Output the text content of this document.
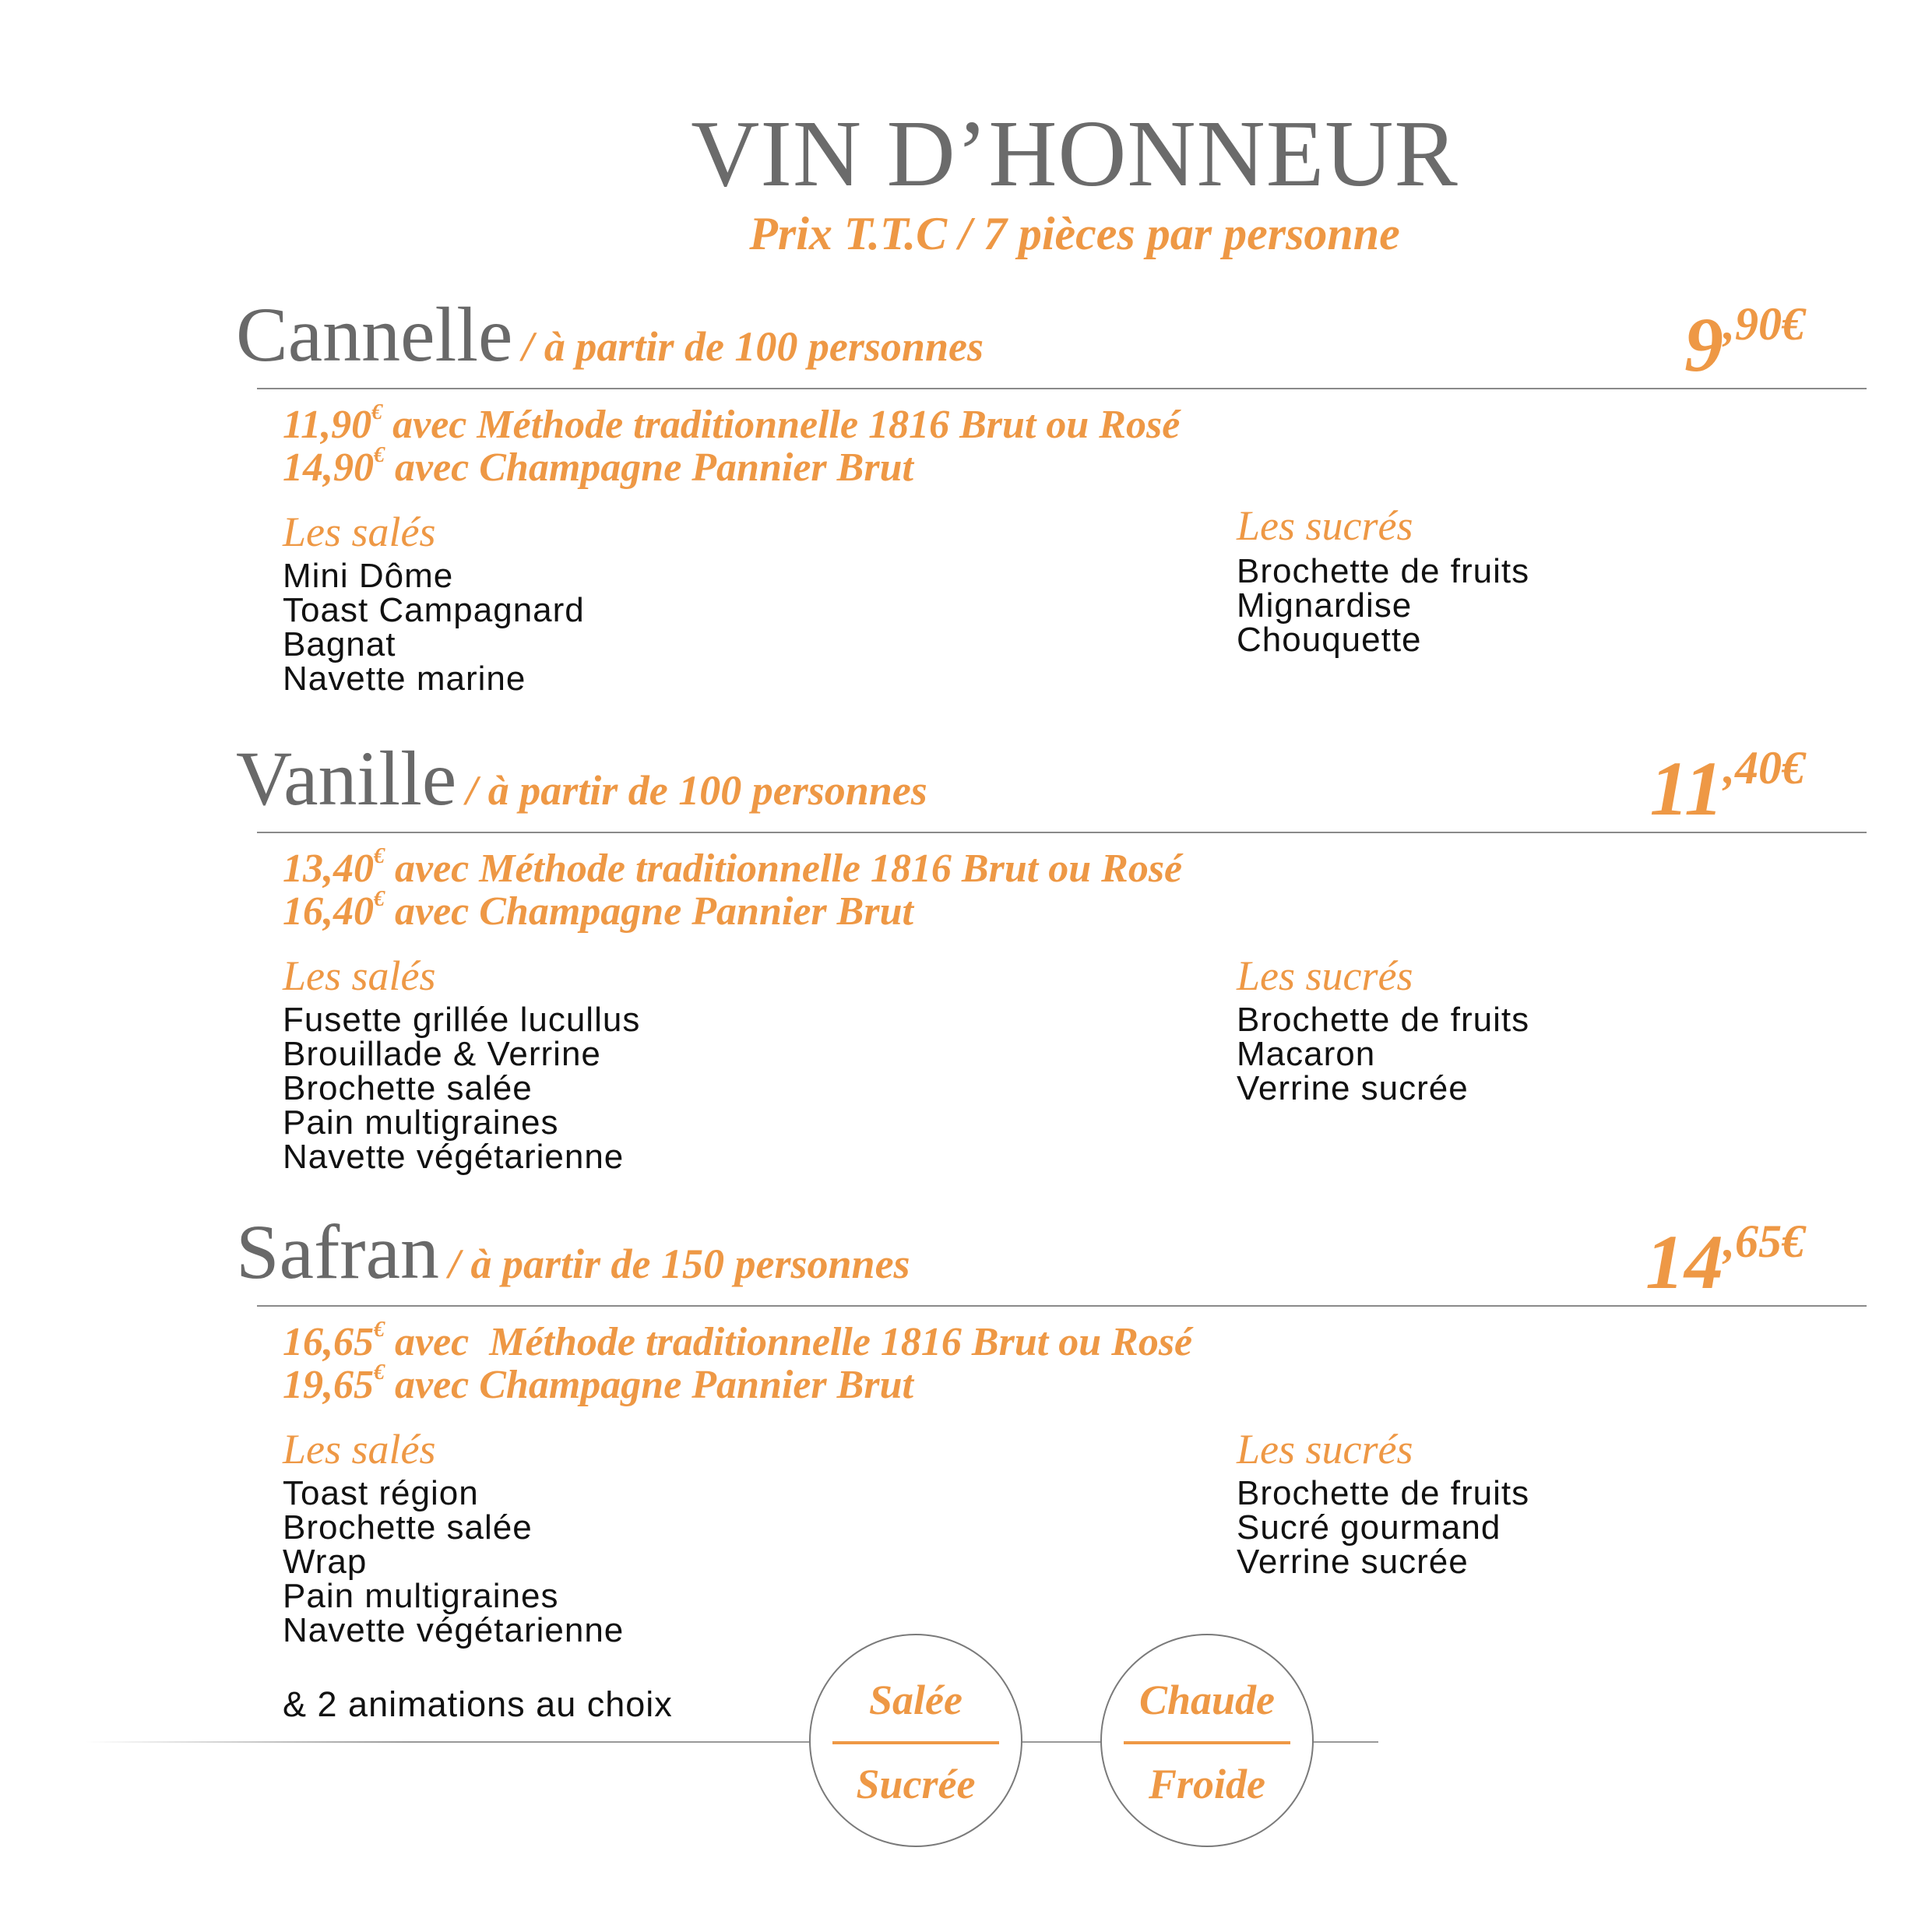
VIN D’HONNEUR
Prix T.T.C / 7 pièces par personne
Cannelle / à partir de 100 personnes	9,90€
11,90€ avec Méthode traditionnelle 1816 Brut ou Rosé
14,90€ avec Champagne Pannier Brut
Les salés
Mini Dôme
Toast Campagnard
Bagnat
Navette marine
Les sucrés
Brochette de fruits
Mignardise
Chouquette
Vanille / à partir de 100 personnes	11,40€
13,40€ avec Méthode traditionnelle 1816 Brut ou Rosé
16,40€ avec Champagne Pannier Brut
Les salés
Fusette grillée lucullus
Brouillade & Verrine
Brochette salée
Pain multigraines
Navette végétarienne
Les sucrés
Brochette de fruits
Macaron
Verrine sucrée
Safran / à partir de 150 personnes	14,65€
16,65€ avec  Méthode traditionnelle 1816 Brut ou Rosé
19,65€ avec Champagne Pannier Brut
Les salés
Toast région
Brochette salée
Wrap
Pain multigraines
Navette végétarienne
Les sucrés
Brochette de fruits
Sucré gourmand
Verrine sucrée
& 2 animations au choix	Salée
Sucrée
Chaude
Froide
